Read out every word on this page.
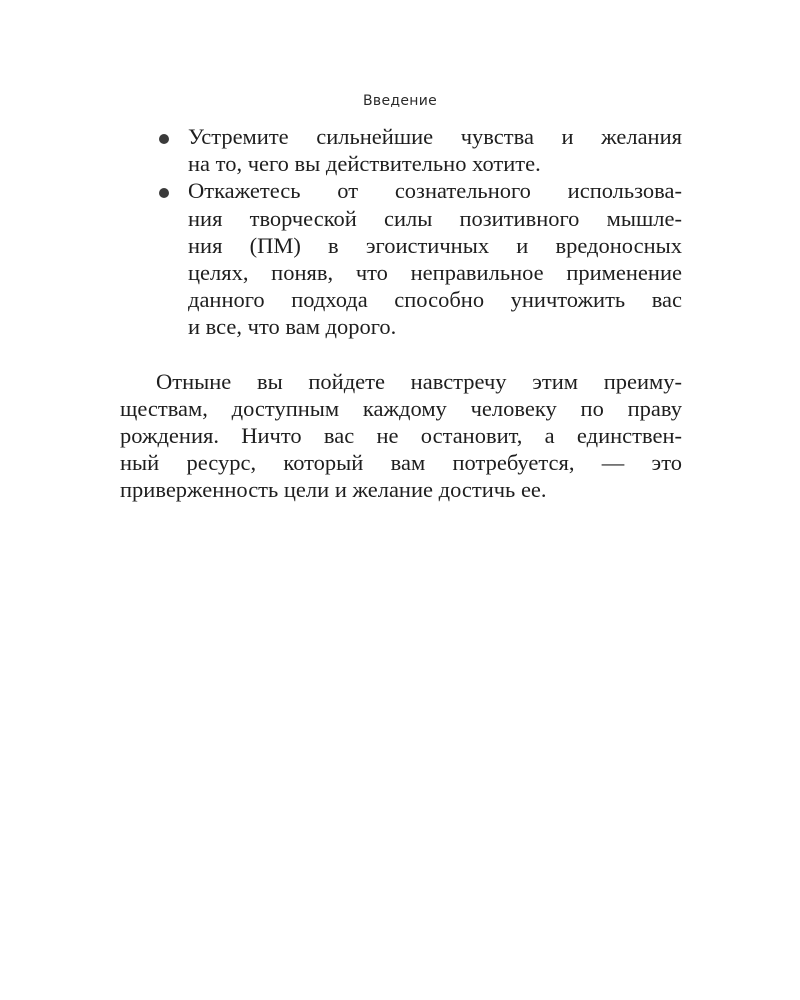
Введение
Устремите сильнейшие чувства и желания
на то, чего вы действительно хотите.
Откажетесь от сознательного использова-
ния творческой силы позитивного мышле-
ния (ПМ) в эгоистичных и вредоносных
целях, поняв, что неправильное применение
данного подхода способно уничтожить вас
и все, что вам дорого.
Отныне вы пойдете навстречу этим преиму-
ществам, доступным каждому человеку по праву
рождения. Ничто вас не остановит, а единствен-
ный ресурс, который вам потребуется, — это
приверженность цели и желание достичь ее.
